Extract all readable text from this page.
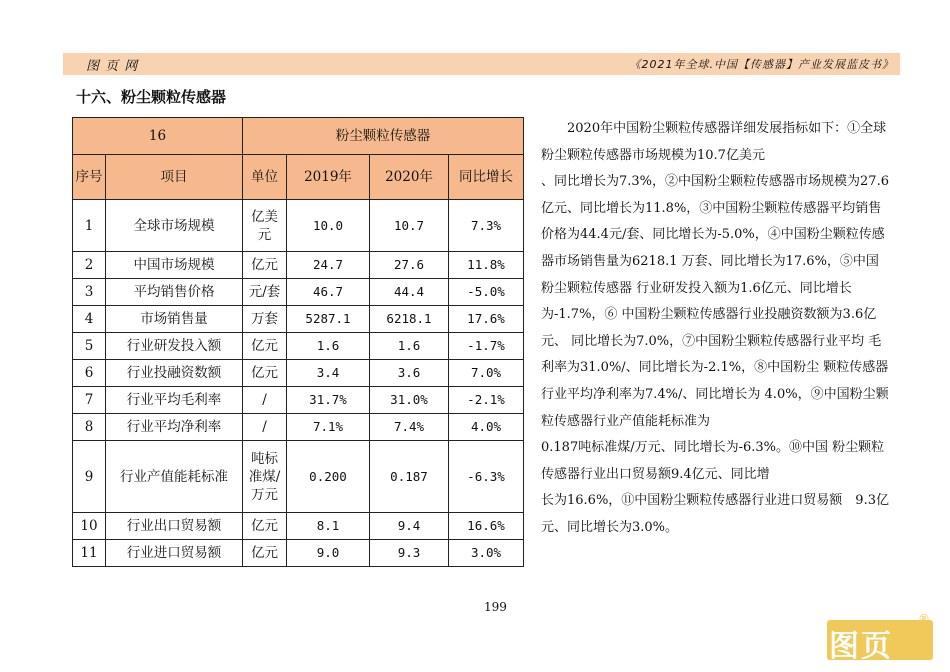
图 页 网	《2021年全球.中国【传感器】产业发展蓝皮书》
十六、粉尘颗粒传感器
16		粉尘颗粒传感器			
序号	项目	单位	2019年	2020年	同比增长
1	全球市场规模	亿美元	10.0	10.7	7.3%
2	中国市场规模	亿元	24.7	27.6	11.8%
3	平均销售价格	元/套	46.7	44.4	-5.0%
4	市场销售量	万套	5287.1	6218.1	17.6%
5	行业研发投入额	亿元	1.6	1.6	-1.7%
6	行业投融资数额	亿元	3.4	3.6	7.0%
7	行业平均毛利率	/	31.7%	31.0%	-2.1%
8	行业平均净利率	/	7.1%	7.4%	4.0%
9	行业产值能耗标准	吨标准煤/万元	0.200	0.187	-6.3%
10	行业出口贸易额	亿元	8.1	9.4	16.6%
11	行业进口贸易额	亿元	9.0	9.3	3.0%
　　2020年中国粉尘颗粒传感器详细发展指标如下：①全球粉尘颗粒传感器市场规模为10.7亿美元
、同比增长为7.3%，②中国粉尘颗粒传感器市场规模为27.6亿元、同比增长为11.8%，③中国粉尘颗粒传感器平均销售价格为44.4元/套、同比增长为-5.0%，④中国粉尘颗粒传感器市场销售量为6218.1 万套、同比增长为17.6%，⑤中国粉尘颗粒传感器 行业研发投入额为1.6亿元、同比增长为-1.7%，⑥ 中国粉尘颗粒传感器行业投融资数额为3.6亿元、 同比增长为7.0%，⑦中国粉尘颗粒传感器行业平均 毛利率为31.0%/、同比增长为-2.1%，⑧中国粉尘 颗粒传感器行业平均净利率为7.4%/、同比增长为 4.0%，⑨中国粉尘颗粒传感器行业产值能耗标准为
0.187吨标准煤/万元、同比增长为-6.3%。⑩中国 粉尘颗粒传感器行业出口贸易额9.4亿元、同比增
长为16.6%，⑪中国粉尘颗粒传感器行业进口贸易额　9.3亿元、同比增长为3.0%。
199
图页
®
